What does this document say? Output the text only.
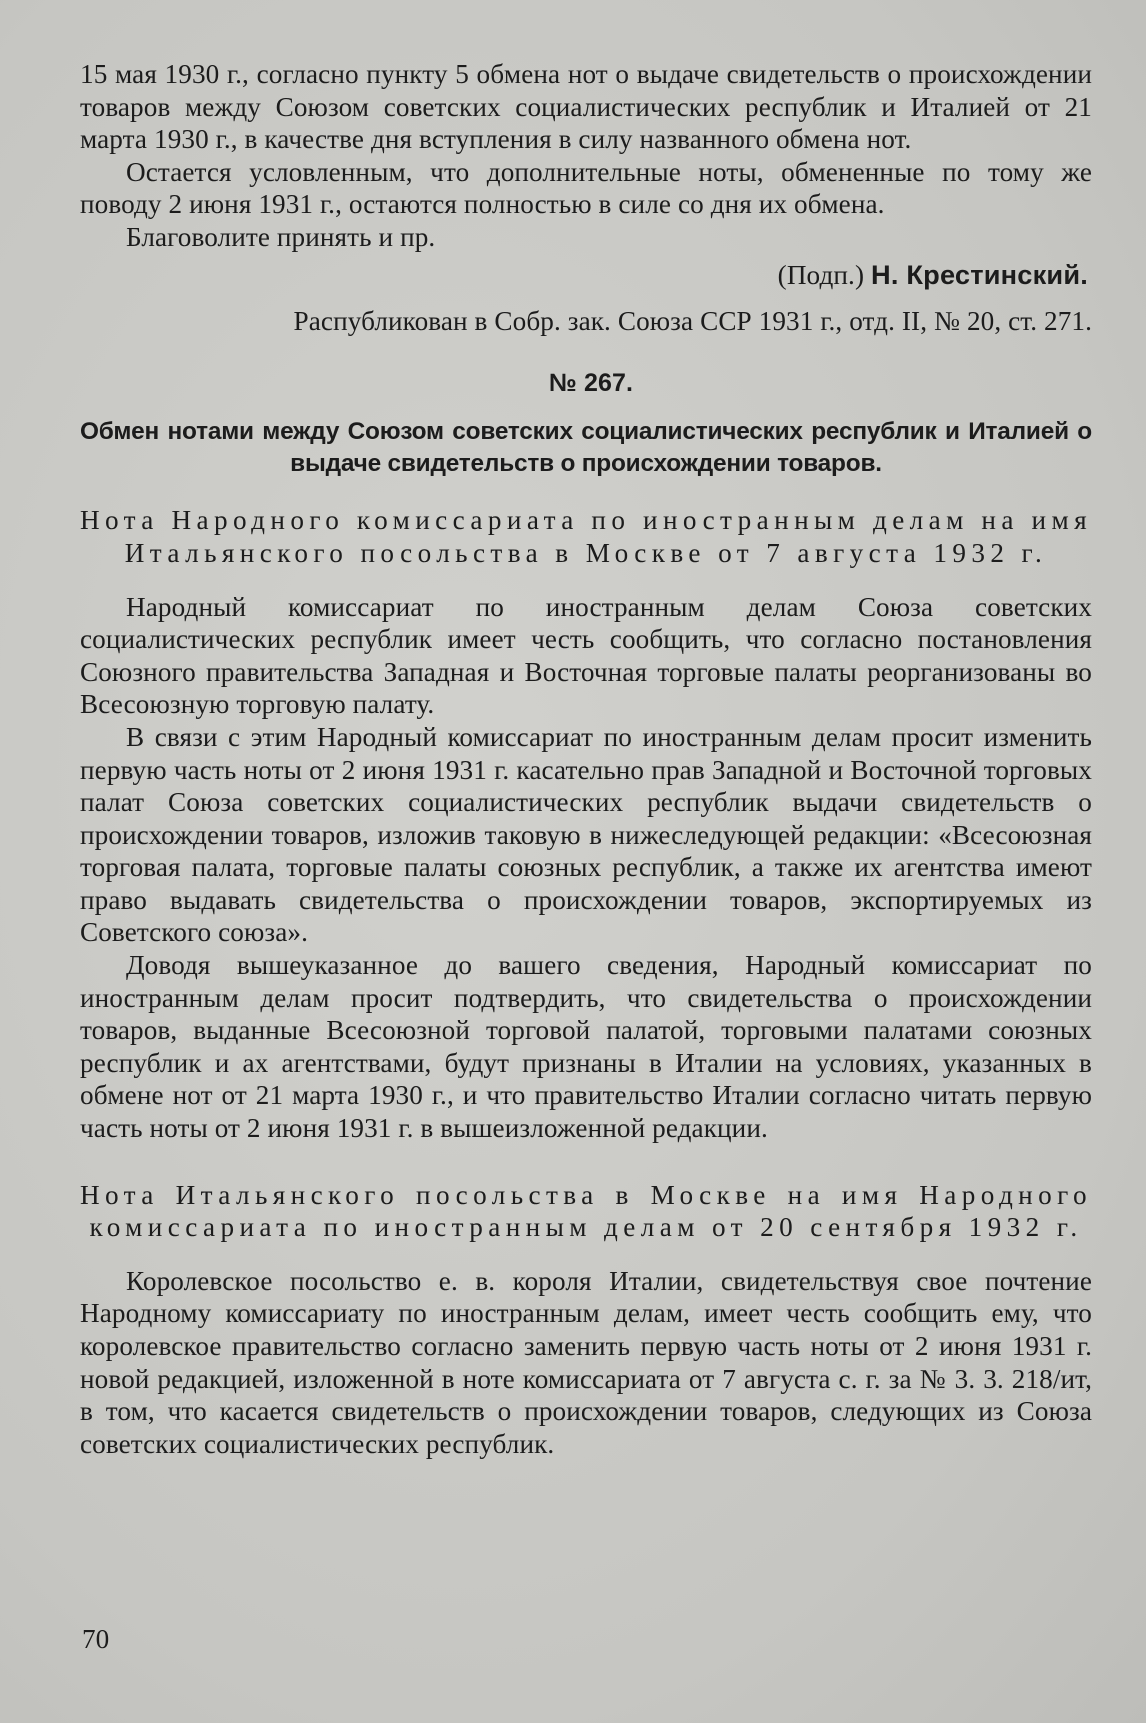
15 мая 1930 г., согласно пункту 5 обмена нот о выдаче свидетельств о происхождении товаров между Союзом советских социалистических республик и Италией от 21 марта 1930 г., в качестве дня вступления в силу названного обмена нот.

Остается условленным, что дополнительные ноты, обмененные по тому же поводу 2 июня 1931 г., остаются полностью в силе со дня их обмена.

Благоволите принять и пр.

(Подп.) Н. Крестинский.

Распубликован в Собр. зак. Союза ССР 1931 г., отд. II, № 20, ст. 271.

№ 267.

Обмен нотами между Союзом советских социалистических республик и Италией о выдаче свидетельств о происхождении товаров.

Нота Народного комиссариата по иностранным делам на имя Итальянского посольства в Москве от 7 августа 1932 г.

Народный комиссариат по иностранным делам Союза советских социалистических республик имеет честь сообщить, что согласно постановления Союзного правительства Западная и Восточная торговые палаты реорганизованы во Всесоюзную торговую палату.

В связи с этим Народный комиссариат по иностранным делам просит изменить первую часть ноты от 2 июня 1931 г. касательно прав Западной и Восточной торговых палат Союза советских социалистических республик выдачи свидетельств о происхождении товаров, изложив таковую в нижеследующей редакции: «Всесоюзная торговая палата, торговые палаты союзных республик, а также их агентства имеют право выдавать свидетельства о происхождении товаров, экспортируемых из Советского союза».

Доводя вышеуказанное до вашего сведения, Народный комиссариат по иностранным делам просит подтвердить, что свидетельства о происхождении товаров, выданные Всесоюзной торговой палатой, торговыми палатами союзных республик и ах агентствами, будут признаны в Италии на условиях, указанных в обмене нот от 21 марта 1930 г., и что правительство Италии согласно читать первую часть ноты от 2 июня 1931 г. в вышеизложенной редакции.

Нота Итальянского посольства в Москве на имя Народного комиссариата по иностранным делам от 20 сентября 1932 г.

Королевское посольство е. в. короля Италии, свидетельствуя свое почтение Народному комиссариату по иностранным делам, имеет честь сообщить ему, что королевское правительство согласно заменить первую часть ноты от 2 июня 1931 г. новой редакцией, изложенной в ноте комиссариата от 7 августа с. г. за № 3. 3. 218/ит, в том, что касается свидетельств о происхождении товаров, следующих из Союза советских социалистических республик.

70
